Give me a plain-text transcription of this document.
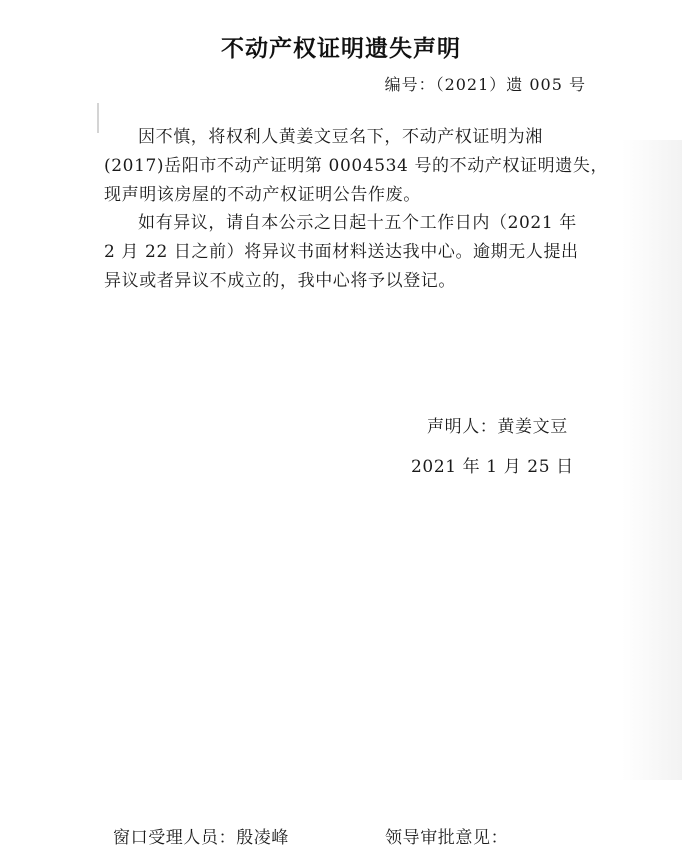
不动产权证明遗失声明
编号：（2021）遗 005 号
因不慎，将权利人黄姜文豆名下，不动产权证明为湘
(2017)岳阳市不动产证明第 0004534 号的不动产权证明遗失，
现声明该房屋的不动产权证明公告作废。
如有异议，请自本公示之日起十五个工作日内（2021 年
2 月 22 日之前）将异议书面材料送达我中心。逾期无人提出
异议或者异议不成立的，我中心将予以登记。
声明人：黄姜文豆
2021 年 1 月 25 日
窗口受理人员：殷凌峰	领导审批意见：
